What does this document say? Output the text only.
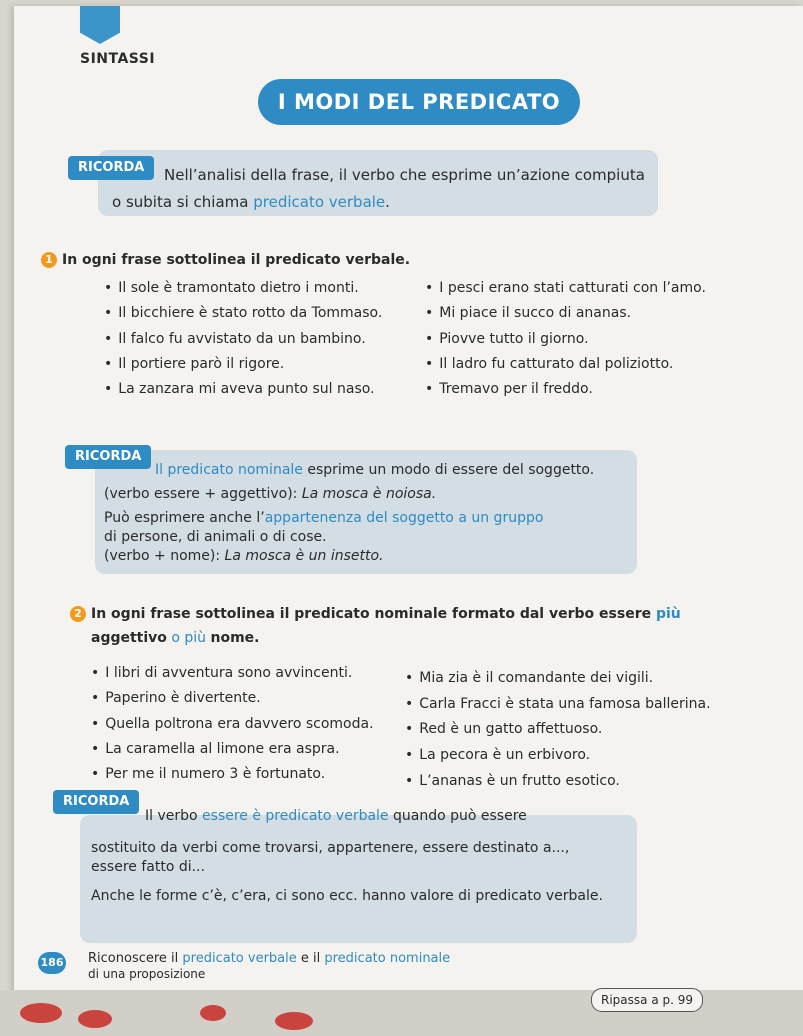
SINTASSI
I MODI DEL PREDICATO
RICORDA	Nell’analisi della frase, il verbo che esprime un’azione compiuta
o subita si chiama predicato verbale.
1 In ogni frase sottolinea il predicato verbale.
• Il sole è tramontato dietro i monti.
• Il bicchiere è stato rotto da Tommaso.
• Il falco fu avvistato da un bambino.
• Il portiere parò il rigore.
• La zanzara mi aveva punto sul naso.
• I pesci erano stati catturati con l’amo.
• Mi piace il succo di ananas.
• Piovve tutto il giorno.
• Il ladro fu catturato dal poliziotto.
• Tremavo per il freddo.
RICORDA
Il predicato nominale esprime un modo di essere del soggetto.
(verbo essere + aggettivo): La mosca è noiosa.
Può esprimere anche l’appartenenza del soggetto a un gruppo
di persone, di animali o di cose.
(verbo + nome): La mosca è un insetto.
2 In ogni frase sottolinea il predicato nominale formato dal verbo essere più
aggettivo o più nome.
• I libri di avventura sono avvincenti.
• Paperino è divertente.
• Quella poltrona era davvero scomoda.
• La caramella al limone era aspra.
• Per me il numero 3 è fortunato.
• Mia zia è il comandante dei vigili.
• Carla Fracci è stata una famosa ballerina.
• Red è un gatto affettuoso.
• La pecora è un erbivoro.
• L’ananas è un frutto esotico.
RICORDA
Il verbo essere è predicato verbale quando può essere
sostituito da verbi come trovarsi, appartenere, essere destinato a...,
essere fatto di...
Anche le forme c’è, c’era, ci sono ecc. hanno valore di predicato verbale.
186 Riconoscere il predicato verbale e il predicato nominale
di una proposizione
Ripassa a p. 99
